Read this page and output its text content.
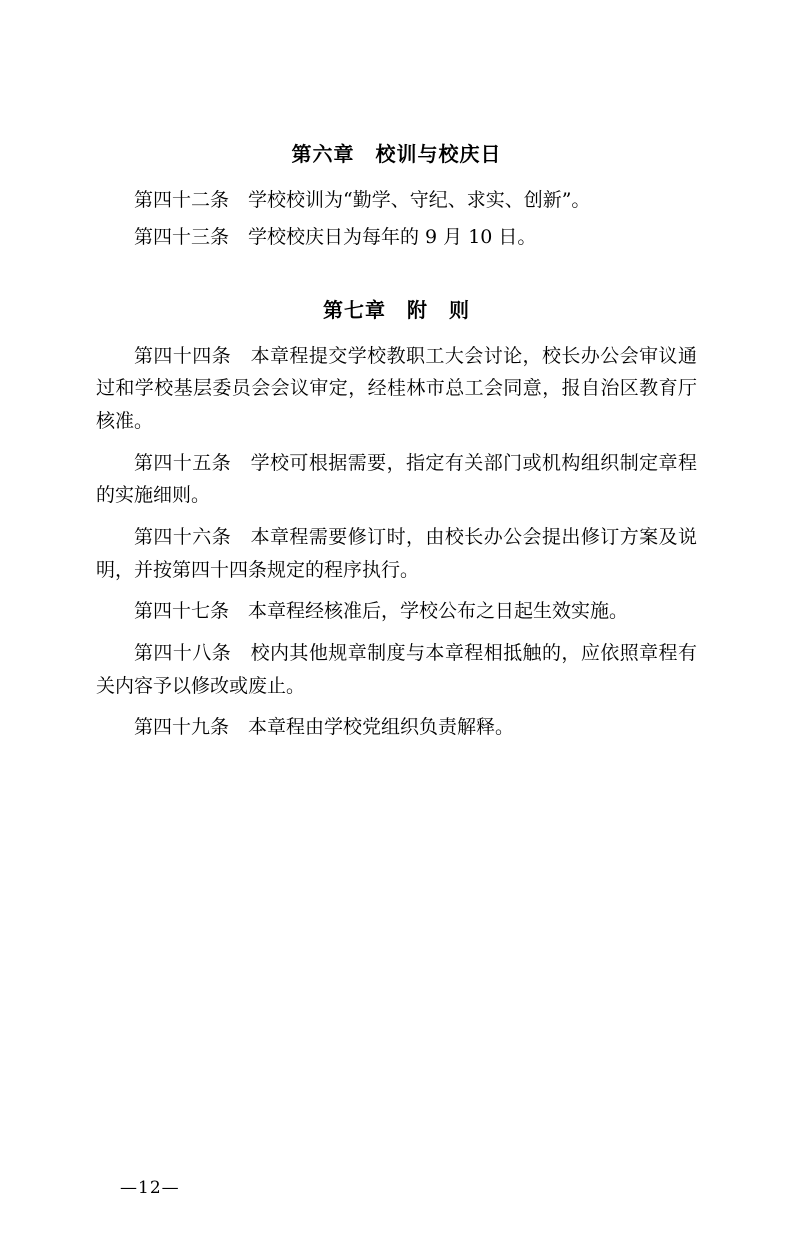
第六章　校训与校庆日

第四十二条　学校校训为“勤学、守纪、求实、创新”。

第四十三条　学校校庆日为每年的 9 月 10 日。

第七章　附　则

第四十四条　本章程提交学校教职工大会讨论，校长办公会审议通过和学校基层委员会会议审定，经桂林市总工会同意，报自治区教育厅核准。

第四十五条　学校可根据需要，指定有关部门或机构组织制定章程的实施细则。

第四十六条　本章程需要修订时，由校长办公会提出修订方案及说明，并按第四十四条规定的程序执行。

第四十七条　本章程经核准后，学校公布之日起生效实施。

第四十八条　校内其他规章制度与本章程相抵触的，应依照章程有关内容予以修改或废止。

第四十九条　本章程由学校党组织负责解释。

—12—
